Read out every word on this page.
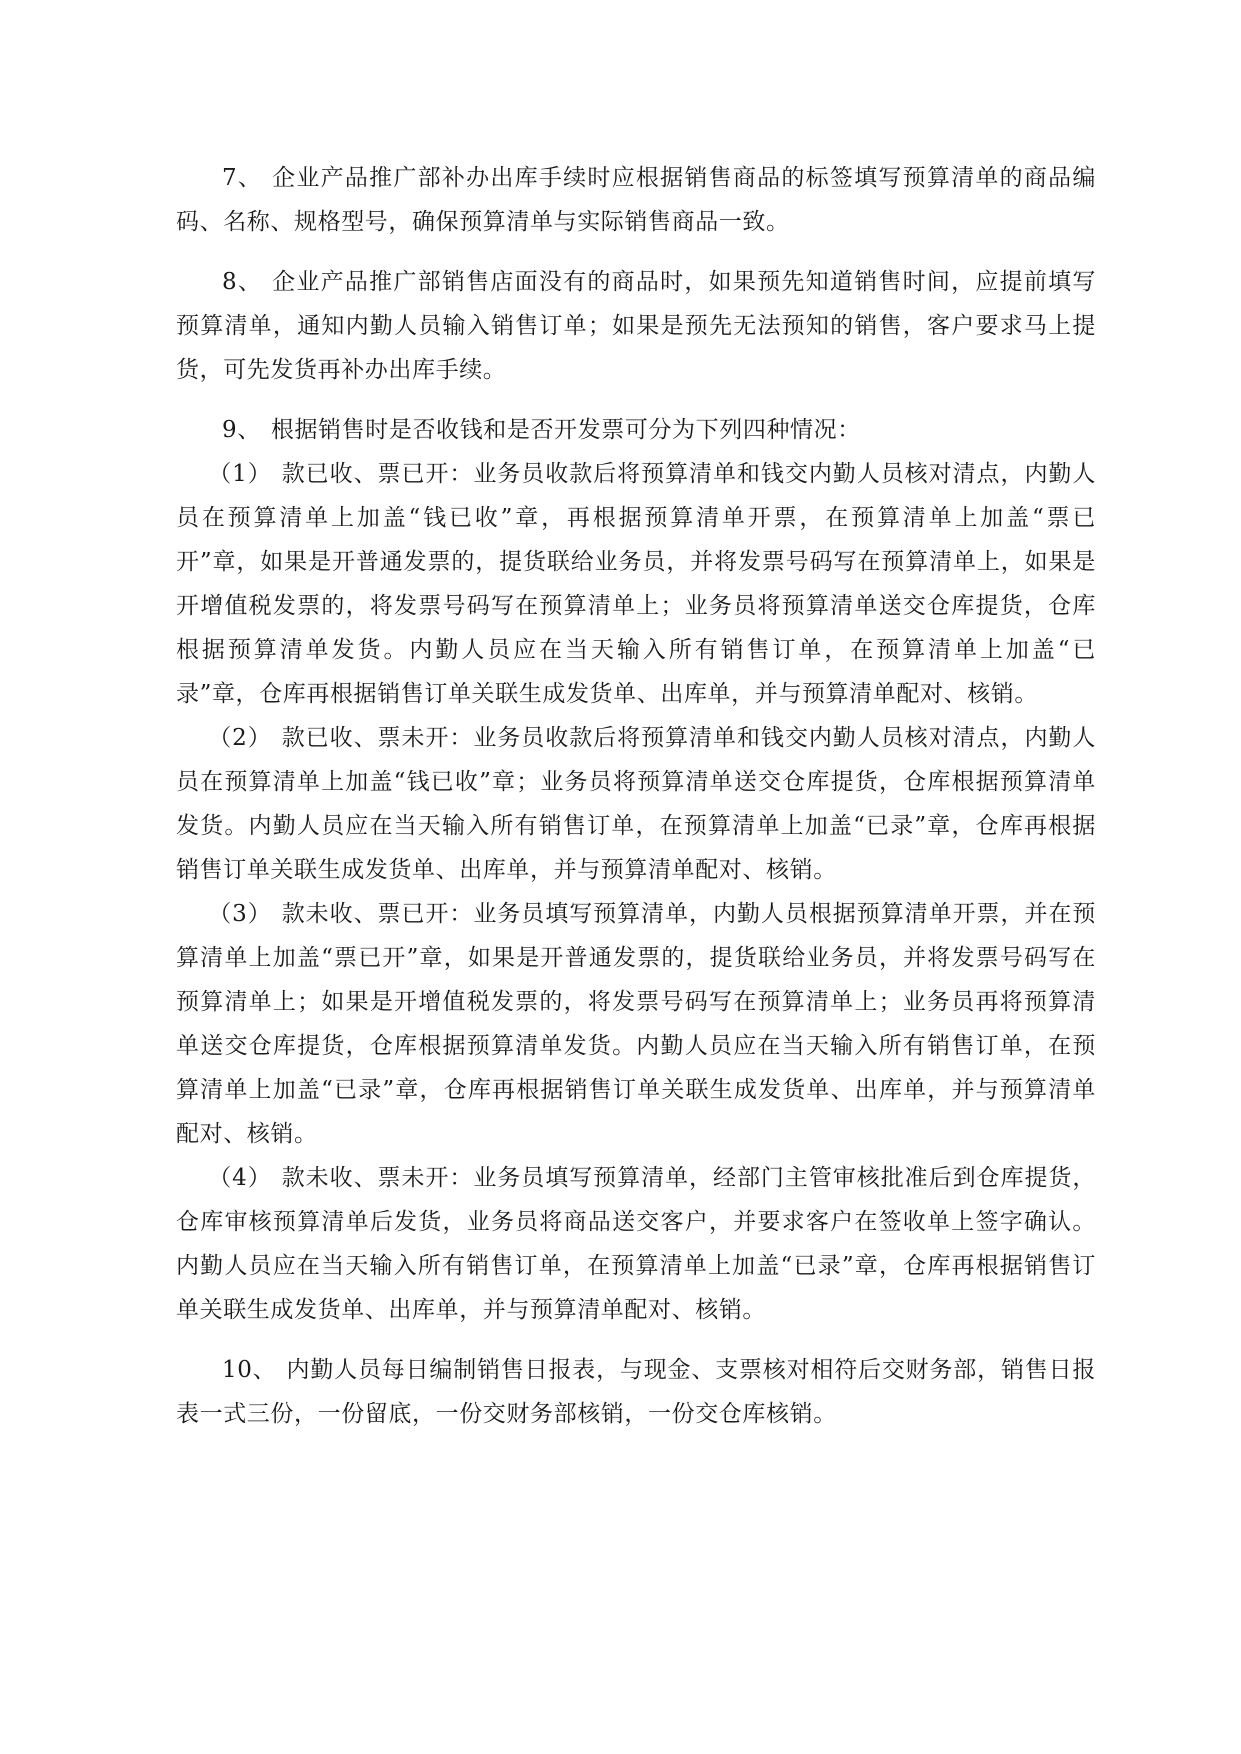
7、 企业产品推广部补办出库手续时应根据销售商品的标签填写预算清单的商品编码、名称、规格型号，确保预算清单与实际销售商品一致。

8、 企业产品推广部销售店面没有的商品时，如果预先知道销售时间，应提前填写预算清单，通知内勤人员输入销售订单；如果是预先无法预知的销售，客户要求马上提货，可先发货再补办出库手续。

9、 根据销售时是否收钱和是否开发票可分为下列四种情况：

（1） 款已收、票已开：业务员收款后将预算清单和钱交内勤人员核对清点，内勤人员在预算清单上加盖“钱已收”章，再根据预算清单开票，在预算清单上加盖“票已开”章，如果是开普通发票的，提货联给业务员，并将发票号码写在预算清单上，如果是开增值税发票的，将发票号码写在预算清单上；业务员将预算清单送交仓库提货，仓库根据预算清单发货。内勤人员应在当天输入所有销售订单，在预算清单上加盖“已录”章，仓库再根据销售订单关联生成发货单、出库单，并与预算清单配对、核销。

（2） 款已收、票未开：业务员收款后将预算清单和钱交内勤人员核对清点，内勤人员在预算清单上加盖“钱已收”章；业务员将预算清单送交仓库提货，仓库根据预算清单发货。内勤人员应在当天输入所有销售订单，在预算清单上加盖“已录”章，仓库再根据销售订单关联生成发货单、出库单，并与预算清单配对、核销。

（3） 款未收、票已开：业务员填写预算清单，内勤人员根据预算清单开票，并在预算清单上加盖“票已开”章，如果是开普通发票的，提货联给业务员，并将发票号码写在预算清单上；如果是开增值税发票的，将发票号码写在预算清单上；业务员再将预算清单送交仓库提货，仓库根据预算清单发货。内勤人员应在当天输入所有销售订单，在预算清单上加盖“已录”章，仓库再根据销售订单关联生成发货单、出库单，并与预算清单配对、核销。

（4） 款未收、票未开：业务员填写预算清单，经部门主管审核批准后到仓库提货，仓库审核预算清单后发货，业务员将商品送交客户，并要求客户在签收单上签字确认。内勤人员应在当天输入所有销售订单，在预算清单上加盖“已录”章，仓库再根据销售订单关联生成发货单、出库单，并与预算清单配对、核销。

10、 内勤人员每日编制销售日报表，与现金、支票核对相符后交财务部，销售日报表一式三份，一份留底，一份交财务部核销，一份交仓库核销。
